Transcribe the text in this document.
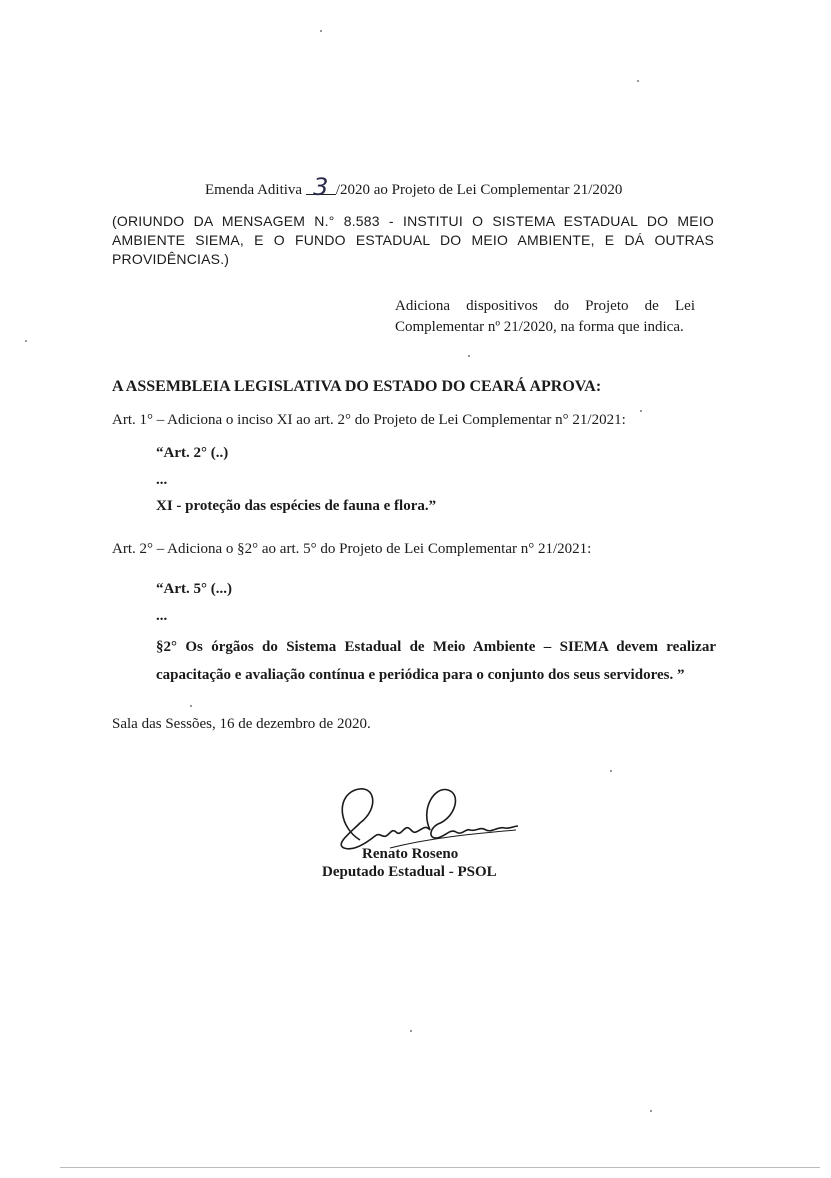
Emenda Aditiva 3 /2020 ao Projeto de Lei Complementar 21/2020
(ORIUNDO DA MENSAGEM N.° 8.583 - INSTITUI O SISTEMA ESTADUAL DO MEIO AMBIENTE SIEMA, E O FUNDO ESTADUAL DO MEIO AMBIENTE, E DÁ OUTRAS PROVIDÊNCIAS.)
Adiciona dispositivos do Projeto de Lei Complementar nº 21/2020, na forma que indica.
A ASSEMBLEIA LEGISLATIVA DO ESTADO DO CEARÁ APROVA:
Art. 1° – Adiciona o inciso XI ao art. 2° do Projeto de Lei Complementar n° 21/2021:
“Art. 2° (..)
...
XI - proteção das espécies de fauna e flora.”
Art. 2° – Adiciona o §2° ao art. 5° do Projeto de Lei Complementar n° 21/2021:
“Art. 5° (...)
...
§2° Os órgãos do Sistema Estadual de Meio Ambiente – SIEMA devem realizar capacitação e avaliação contínua e periódica para o conjunto dos seus servidores. ”
Sala das Sessões, 16 de dezembro de 2020.
Renato Roseno
Deputado Estadual - PSOL
